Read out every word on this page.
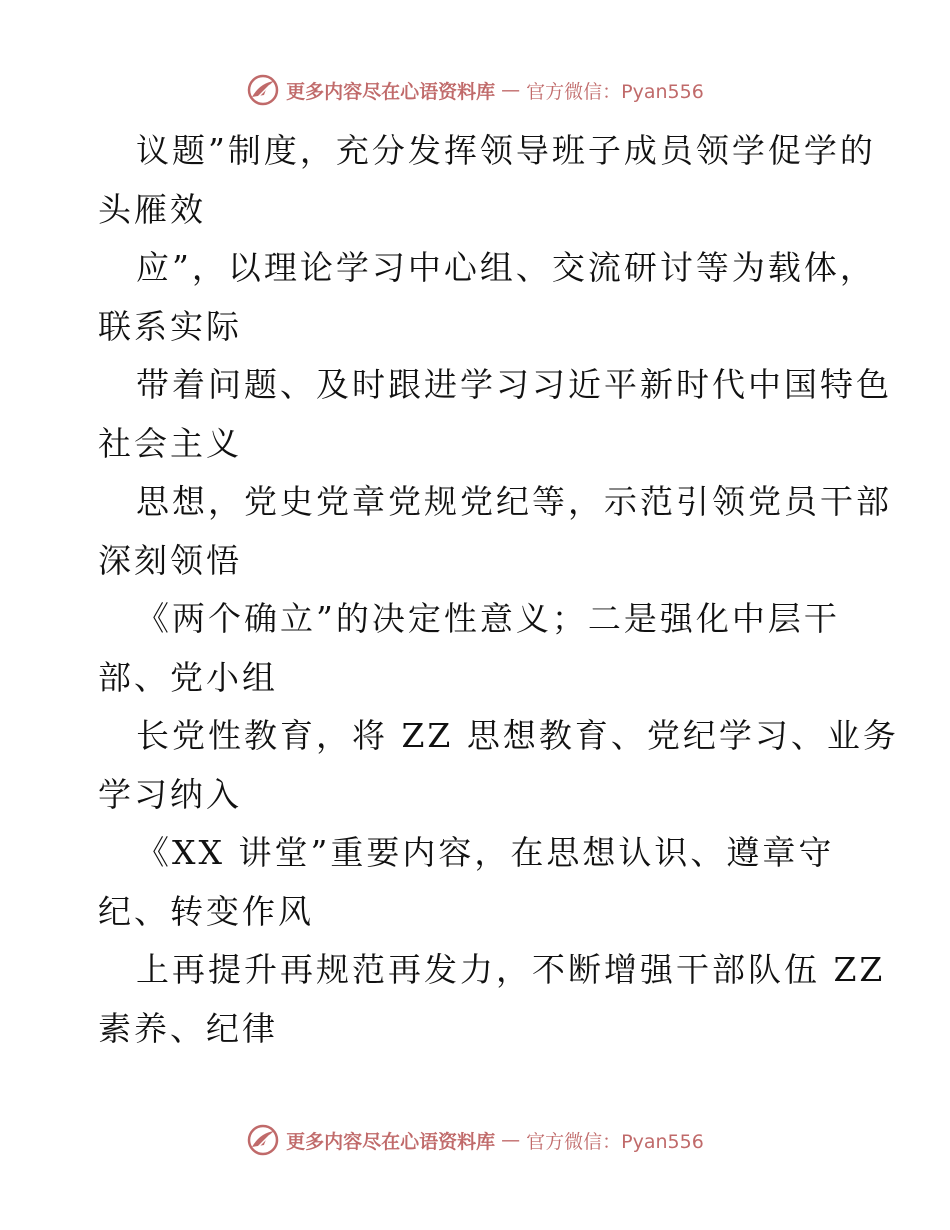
更多内容尽在心语资料库 — 官方微信：Pyan556
议题”制度，充分发挥领导班子成员领学促学的
头雁效
应”，以理论学习中心组、交流研讨等为载体，
联系实际
带着问题、及时跟进学习习近平新时代中国特色
社会主义
思想，党史党章党规党纪等，示范引领党员干部
深刻领悟
《两个确立”的决定性意义；二是强化中层干
部、党小组
长党性教育，将 ZZ 思想教育、党纪学习、业务
学习纳入
《XX 讲堂”重要内容，在思想认识、遵章守
纪、转变作风
上再提升再规范再发力，不断增强干部队伍 ZZ
素养、纪律
更多内容尽在心语资料库 — 官方微信：Pyan556
